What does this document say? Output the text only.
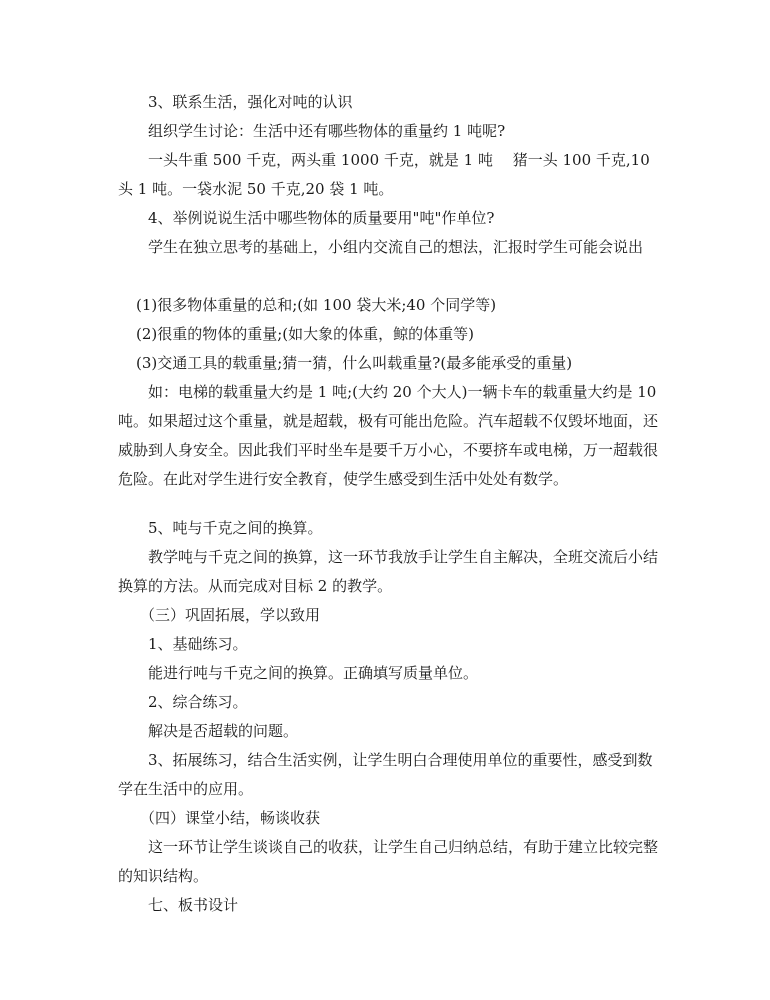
3、联系生活，强化对吨的认识

组织学生讨论：生活中还有哪些物体的重量约 1 吨呢?

一头牛重 500 千克，两头重 1000 千克，就是 1 吨　 猪一头 100 千克,10 头 1 吨。一袋水泥 50 千克,20 袋 1 吨。

4、举例说说生活中哪些物体的质量要用"吨"作单位?

学生在独立思考的基础上，小组内交流自己的想法，汇报时学生可能会说出

(1)很多物体重量的总和;(如 100 袋大米;40 个同学等)

(2)很重的物体的重量;(如大象的体重，鲸的体重等)

(3)交通工具的载重量;猜一猜，什么叫载重量?(最多能承受的重量)

如：电梯的载重量大约是 1 吨;(大约 20 个大人)一辆卡车的载重量大约是 10 吨。如果超过这个重量，就是超载，极有可能出危险。汽车超载不仅毁坏地面，还威胁到人身安全。因此我们平时坐车是要千万小心，不要挤车或电梯，万一超载很危险。在此对学生进行安全教育，使学生感受到生活中处处有数学。

5、吨与千克之间的换算。

教学吨与千克之间的换算，这一环节我放手让学生自主解决，全班交流后小结换算的方法。从而完成对目标 2 的教学。

（三）巩固拓展，学以致用

1、基础练习。

能进行吨与千克之间的换算。正确填写质量单位。

2、综合练习。

解决是否超载的问题。

3、拓展练习，结合生活实例，让学生明白合理使用单位的重要性，感受到数学在生活中的应用。

（四）课堂小结，畅谈收获

这一环节让学生谈谈自己的收获，让学生自己归纳总结，有助于建立比较完整的知识结构。

七、板书设计
